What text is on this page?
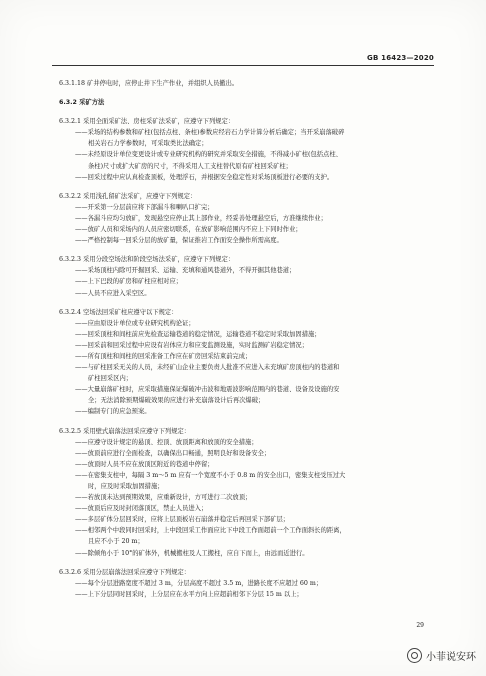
GB 16423—2020
6.3.1.18 矿井停电时，应停止井下生产作业，并组织人员撤出。
6.3.2 采矿方法
6.3.2.1 采用全面采矿法、房柱采矿法采矿，应遵守下列规定：
——采场的结构参数和矿柱(包括点柱、条柱)参数应经岩石力学计算分析后确定；当开采崩落破碎
相关岩石力学参数时，可采取类比法确定；
——未经原设计单位变更设计或专业研究机构的研究并采取安全措施，不得减小矿柱(包括点柱、
条柱)尺寸或扩大矿房的尺寸，不得采用人工支柱替代原有矿柱回采矿柱；
——回采过程中应认真检查顶板，处理浮石，并根据安全稳定性对采场顶板进行必要的支护。
6.3.2.2 采用浅孔留矿法采矿，应遵守下列规定：
——开采第一分层前应将下部漏斗和喇叭口扩完；
——各漏斗应均匀放矿，发现悬空应停止其上部作业，经妥善处理悬空后，方准继续作业；
——放矿人员和采场内的人员应密切联系，在放矿影响范围内不应上下同时作业；
——严格控制每一回采分层的放矿量，保证推岩工作面安全操作所需高度。
6.3.2.3 采用分段空场法和阶段空场法采矿，应遵守下列规定：
——采场顶柱内除可开掘回采、运输、充填和通风巷道外，不得开掘其他巷道；
——上下巴段的矿房和矿柱应相对应；
——人员不应进入采空区。
6.3.2.4 空场法回采矿柱应遵守以下规定：
——应由原设计单位或专业研究机构论证；
——回采顶柱和间柱前应先检查运输巷道的稳定情况，运输巷道不稳定时采取加固措施；
——回采前和回采过程中应设有岩体应力和应变监测设施，实时监测矿岩稳定情况；
——所有顶柱和间柱的回采准备工作应在矿房回采结束前完成；
——与矿柱回采无关的人员，未经矿山企业主要负责人批准不应进入未充填矿房顶柱内的巷道和
矿柱回采区内；
——大量崩落矿柱时，应采取措施保证爆破冲击波和地震波影响范围内的巷道、设备及设施的安
全；无法消除预期爆破效果的应进行补充崩落设计后再次爆破；
——编制专门的应急预案。
6.3.2.5 采用壁式崩落法回采应遵守下列规定：
——应遵守设计规定的悬顶、控顶、放顶距离和放顶的安全措施；
——放顶前应进行全面检查，以确保出口畅通，照明良好和设备安全；
——放顶时人员不应在放顶区附近的巷道中停留；
——在密集支柱中，每隔 3 m～5 m 应有一个宽度不小于 0.8 m 的安全出口，密集支柱受压过大
时，应及时采取加固措施；
——若放顶未达到预期效果，应重新设计，方可进行二次放顶；
——放顶后应及时封闭落顶区，禁止人员进入；
——多层矿体分层回采时，应将上层顶板岩石崩落并稳定后再回采下部矿层；
——相邻两个中段同时回采时，上中段回采工作面应比下中段工作面超前一个工作面斜长的距离，
且应不小于 20 m；
——除倾角小于 10°的矿体外，机械搬柱及人工搬柱，应自下而上，由远而近进行。
6.3.2.6 采用分层崩落法回采应遵守下列规定：
——每个分层进路宽度不超过 3 m，分层高度不超过 3.5 m，进路长度不应超过 60 m；
——上下分层同时回采时，上分层应在水平方向上应超前相邻下分层 15 m 以上；
29
小菲说安环
